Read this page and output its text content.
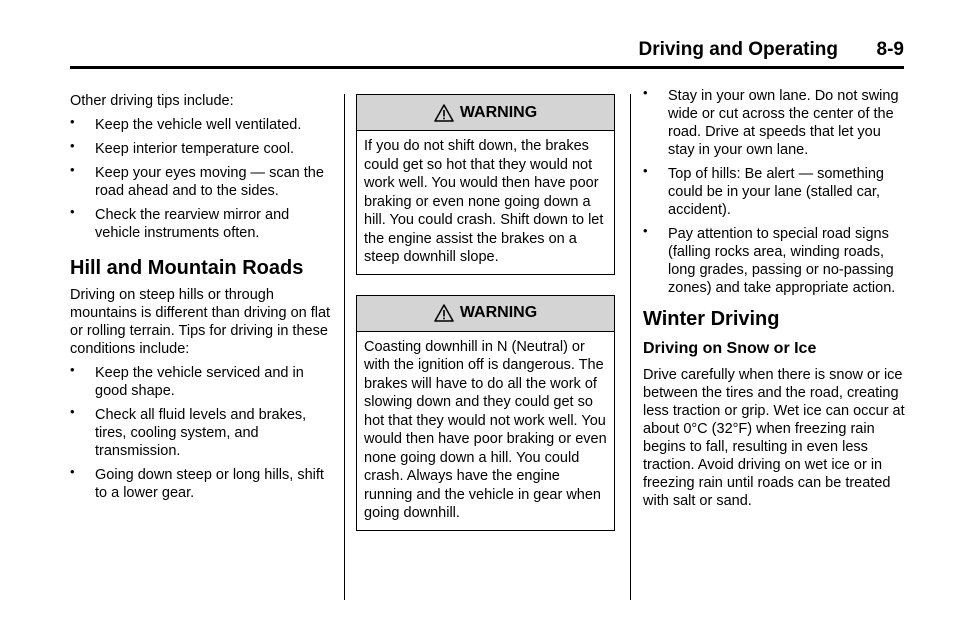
Driving and Operating 8-9

Other driving tips include:

• Keep the vehicle well ventilated.
• Keep interior temperature cool.
• Keep your eyes moving — scan the road ahead and to the sides.
• Check the rearview mirror and vehicle instruments often.
Hill and Mountain Roads

Driving on steep hills or through mountains is different than driving on flat or rolling terrain. Tips for driving in these conditions include:

• Keep the vehicle serviced and in good shape.
• Check all fluid levels and brakes, tires, cooling system, and transmission.
• Going down steep or long hills, shift to a lower gear.
WARNING
If you do not shift down, the brakes could get so hot that they would not work well. You would then have poor braking or even none going down a hill. You could crash. Shift down to let the engine assist the brakes on a steep downhill slope.
WARNING
Coasting downhill in N (Neutral) or with the ignition off is dangerous. The brakes will have to do all the work of slowing down and they could get so hot that they would not work well. You would then have poor braking or even none going down a hill. You could crash. Always have the engine running and the vehicle in gear when going downhill.
• Stay in your own lane. Do not swing wide or cut across the center of the road. Drive at speeds that let you stay in your own lane.
• Top of hills: Be alert — something could be in your lane (stalled car, accident).
• Pay attention to special road signs (falling rocks area, winding roads, long grades, passing or no-passing zones) and take appropriate action.
Winter Driving
Driving on Snow or Ice

Drive carefully when there is snow or ice between the tires and the road, creating less traction or grip. Wet ice can occur at about 0°C (32°F) when freezing rain begins to fall, resulting in even less traction. Avoid driving on wet ice or in freezing rain until roads can be treated with salt or sand.
